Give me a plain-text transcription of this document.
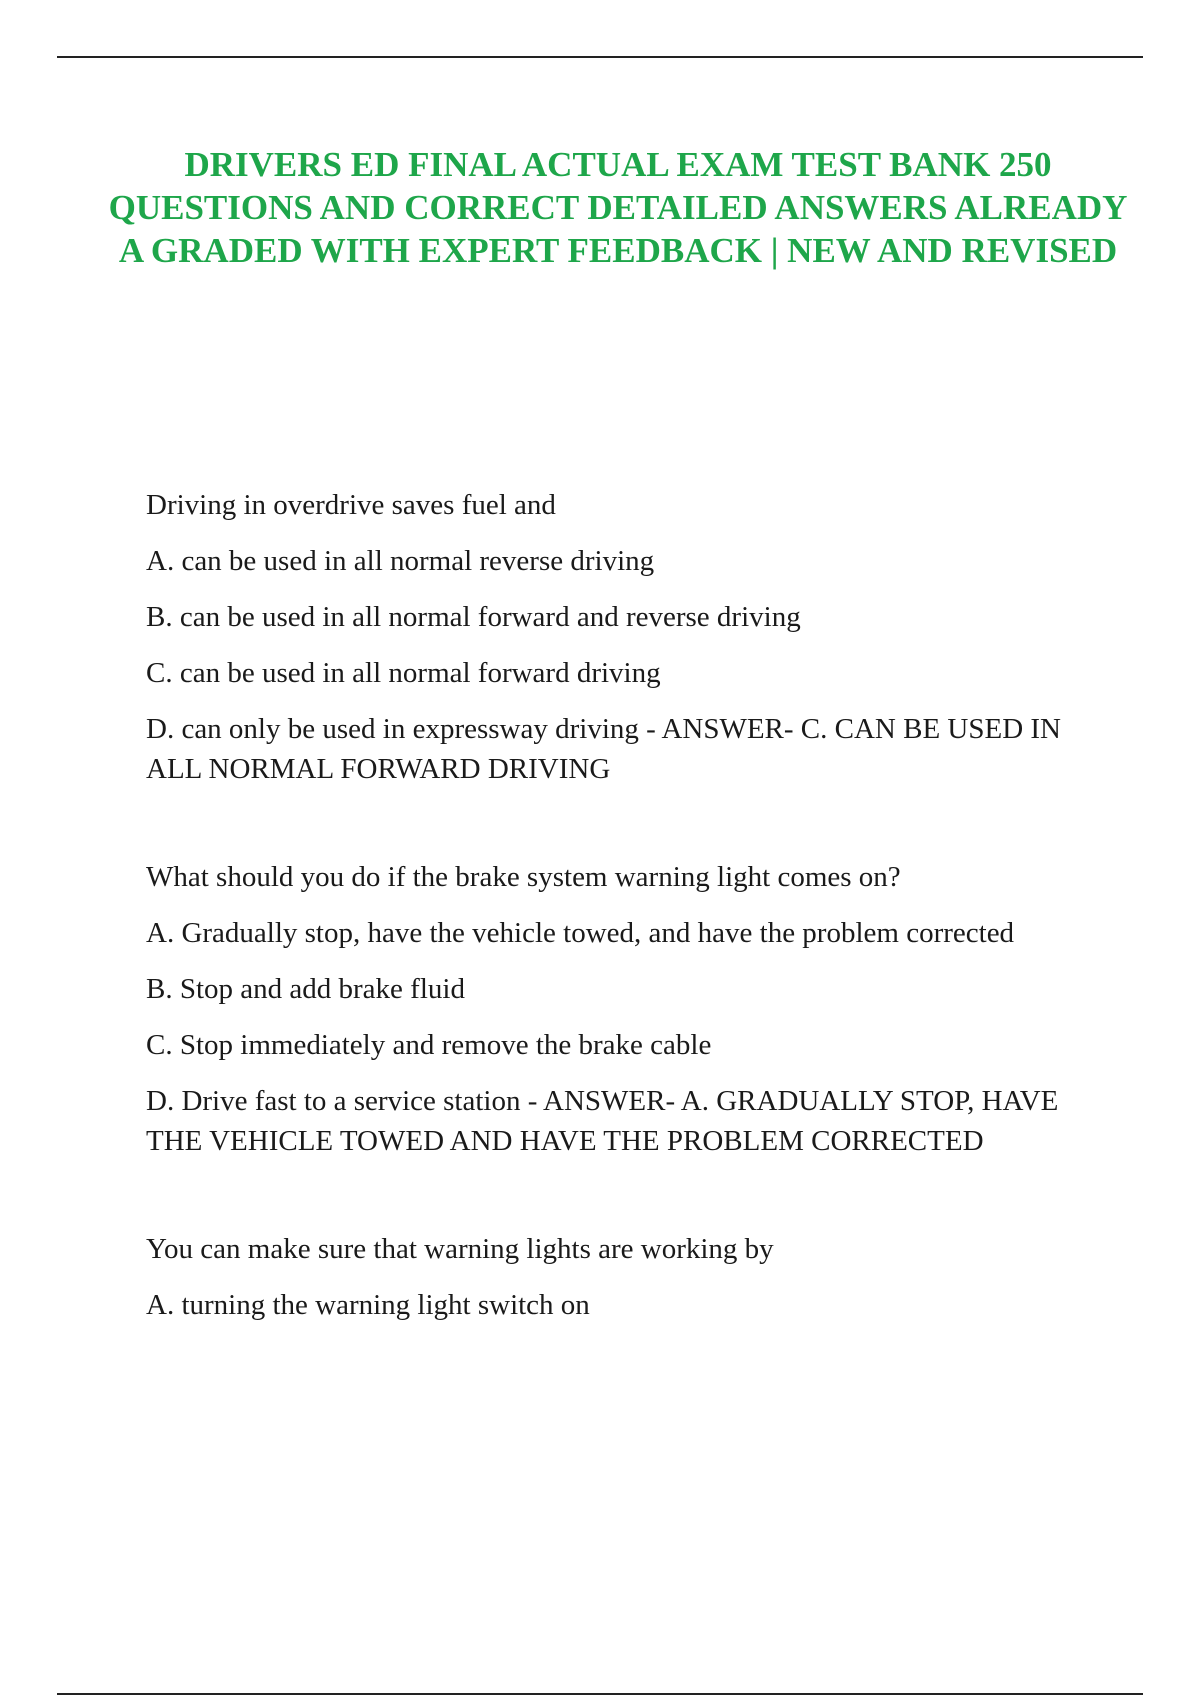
DRIVERS ED FINAL ACTUAL EXAM TEST BANK 250 QUESTIONS AND CORRECT DETAILED ANSWERS ALREADY A GRADED WITH EXPERT FEEDBACK | NEW AND REVISED

Driving in overdrive saves fuel and

A. can be used in all normal reverse driving

B. can be used in all normal forward and reverse driving

C. can be used in all normal forward driving

D. can only be used in expressway driving - ANSWER- C. CAN BE USED IN ALL NORMAL FORWARD DRIVING

What should you do if the brake system warning light comes on?

A. Gradually stop, have the vehicle towed, and have the problem corrected

B. Stop and add brake fluid

C. Stop immediately and remove the brake cable

D. Drive fast to a service station - ANSWER- A. GRADUALLY STOP, HAVE THE VEHICLE TOWED AND HAVE THE PROBLEM CORRECTED

You can make sure that warning lights are working by

A. turning the warning light switch on
